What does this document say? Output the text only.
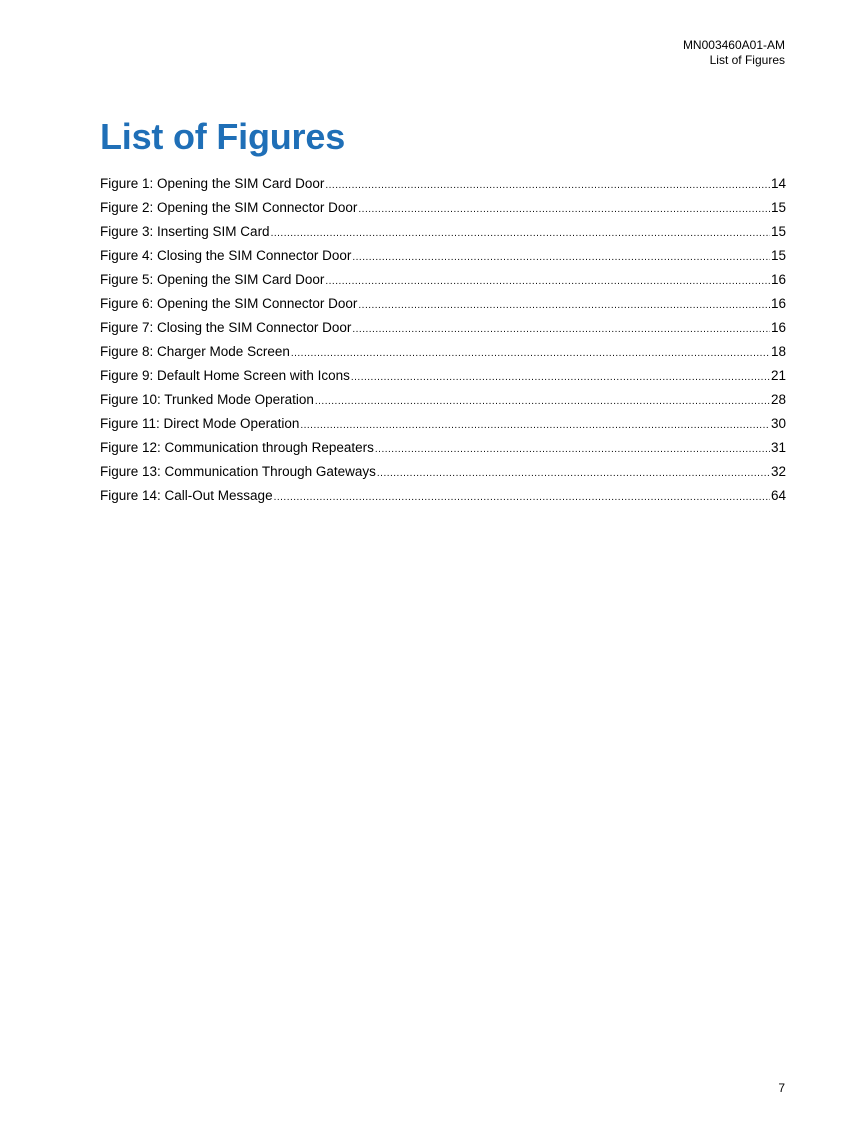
MN003460A01-AM
List of Figures
List of Figures
Figure 1: Opening the SIM Card Door .....	14
Figure 2: Opening the SIM Connector Door .....	15
Figure 3: Inserting SIM Card .....	15
Figure 4: Closing the SIM Connector Door .....	15
Figure 5: Opening the SIM Card Door .....	16
Figure 6: Opening the SIM Connector Door .....	16
Figure 7: Closing the SIM Connector Door .....	16
Figure 8: Charger Mode Screen .....	18
Figure 9: Default Home Screen with Icons .....	21
Figure 10: Trunked Mode Operation .....	28
Figure 11: Direct Mode Operation .....	30
Figure 12: Communication through Repeaters .....	31
Figure 13: Communication Through Gateways .....	32
Figure 14: Call-Out Message .....	64
7
